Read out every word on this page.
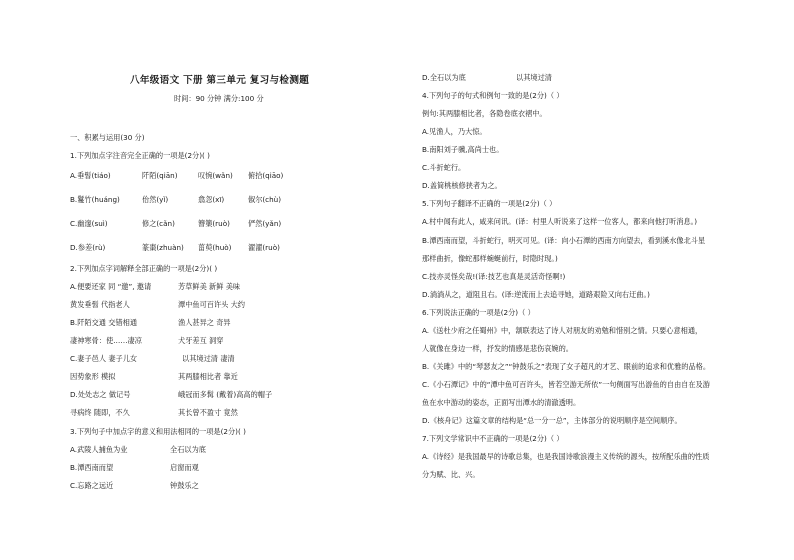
八年级语文 下册 第三单元 复习与检测题
时间：90 分钟 满分:100 分
一、积累与运用(30 分)
1.下列加点字注音完全正确的一项是(2分)( )
A.垂髫(tiáo)	阡陌(qiān)	叹惋(wǎn) 俯拾(qiāo)
B.鬘竹(huáng)	佁然(yǐ)	翕忽(xī)	俶尔(chù)
C.幽邃(suì)	修之(cǎn)	簪篥(ruò)	俨然(yǎn)
D.参差(rù)	篆棗(zhuàn) 菑萸(huò) 濯濯(ruò)
2.下列加点字词解释全部正确的一项是(2分)( )
A.便要还家 同 “邀”, 邀请	芳草鲜美 新鲜 美味
黄发垂髫 代指老人	潭中鱼可百许头 大约
B.阡陌交通 交错相通	渔人甚异之 奇异
凄神寒骨：使……凄凉	犬牙差互 洞穿
C.妻子邑人 妻子儿女	以其境过清 凄清
因势象形 模拟	其两膝相比者 靠近
D.处处志之 做记号	峨冠而多髯 (戴着)高高的帽子
寻病终 随即，不久	其长曾不盈寸 竟然
3.下列句子中加点字的意义和用法相同的一项是(2分)( )
A.武陵人捕鱼为业	全石以为底
B.潭西南而望	启窗而观
C.忘路之远近	钟鼓乐之
D.全石以为底	以其境过清
4.下列句子的句式和例句一致的是(2分)（ ）
例句:其两膝相比者，各隐卷底衣褶中。
A.见渔人，乃大惊。
B.南阳刘子骥,高尚士也。
C.斗折蛇行。
D.盖简桃核修狭者为之。
5.下列句子翻译不正确的一项是(2分)（ ）
A.村中闻有此人，咸来问讯。(译：村里人听说来了这样一位客人，都来向他打听消息。)
B.潭西南而望，斗折蛇行，明灭可见。(译：向小石潭的西南方向望去，看到溪水像北斗星
那样曲折，像蛇那样蜿蜒前行，时隐时现。)
C.技亦灵怪矣哉!(译:技艺也真是灵活奇怪啊!)
D.淌淌从之，道阻且右。(译:逆流而上去追寻她，道路艰险又向右迂曲。)
6.下列说法正确的一项是(2分)（ ）
A.《送杜少府之任蜀州》中，颔联表达了诗人对朋友的劝勉和惜别之情。只要心意相通，
人就像在身边一样，抒发的情感是悲伤哀婉的。
B.《关雎》中的“琴瑟友之”“钟鼓乐之”表现了女子超凡的才艺、眼前的追求和优雅的品格。
C.《小石潭记》中的“潭中鱼可百许头，皆若空游无所依”一句侧面写出游鱼的自由自在及游
鱼在水中游动的姿态，正面写出潭水的清澈透明。
D.《核舟记》这篇文章的结构是“总一分一总”，主体部分的说明顺序是空间顺序。
7.下列文学常识中不正确的一项是(2分)（ ）
A.《诗经》是我国最早的诗歌总集，也是我国诗歌浪漫主义传统的源头，按所配乐曲的性质
分为赋、比、兴。
